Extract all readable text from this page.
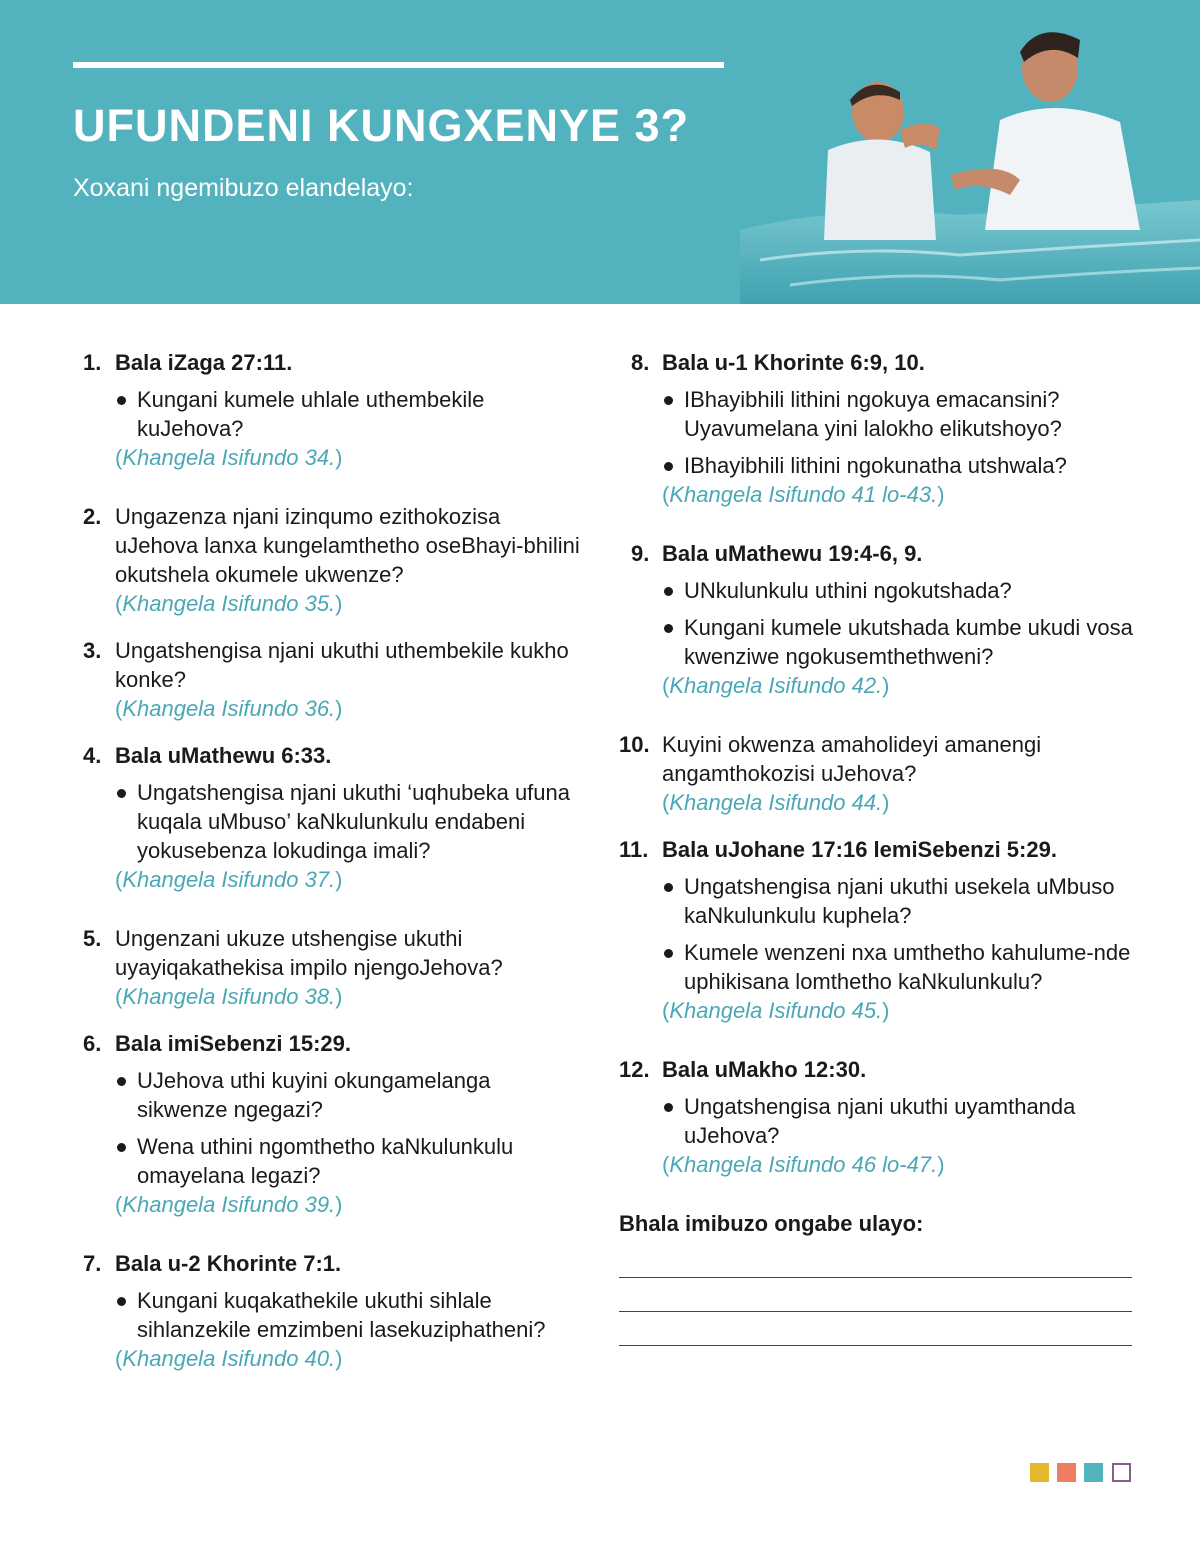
UFUNDENI KUNGXENYE 3?
Xoxani ngemibuzo elandelayo:
1. Bala iZaga 27:11.
Kungani kumele uhlale uthembekile kuJehova?
(Khangela Isifundo 34.)
2. Ungazenza njani izinqumo ezithokozisa uJehova lanxa kungelamthetho oseBhayi-bhilini okutshela okumele ukwenze?
(Khangela Isifundo 35.)
3. Ungatshengisa njani ukuthi uthembekile kukho konke?
(Khangela Isifundo 36.)
4. Bala uMathewu 6:33.
Ungatshengisa njani ukuthi ‘uqhubeka ufuna kuqala uMbuso’ kaNkulunkulu endabeni yokusebenza lokudinga imali?
(Khangela Isifundo 37.)
5. Ungenzani ukuze utshengise ukuthi uyayiqakathekisa impilo njengoJehova?
(Khangela Isifundo 38.)
6. Bala imiSebenzi 15:29.
UJehova uthi kuyini okungamelanga sikwenze ngegazi?
Wena uthini ngomthetho kaNkulunkulu omayelana legazi?
(Khangela Isifundo 39.)
7. Bala u-2 Khorinte 7:1.
Kungani kuqakathekile ukuthi sihlale sihlanzekile emzimbeni lasekuziphatheni?
(Khangela Isifundo 40.)
8. Bala u-1 Khorinte 6:9, 10.
IBhayibhili lithini ngokuya emacansini? Uyavumelana yini lalokho elikutshoyo?
IBhayibhili lithini ngokunatha utshwala?
(Khangela Isifundo 41 lo-43.)
9. Bala uMathewu 19:4-6, 9.
UNkulunkulu uthini ngokutshada?
Kungani kumele ukutshada kumbe ukudi vosa kwenziwe ngokusemthethweni?
(Khangela Isifundo 42.)
10. Kuyini okwenza amaholideyi amanengi angamthokozisi uJehova?
(Khangela Isifundo 44.)
11. Bala uJohane 17:16 lemiSebenzi 5:29.
Ungatshengisa njani ukuthi usekela uMbuso kaNkulunkulu kuphela?
Kumele wenzeni nxa umthetho kahulume-nde uphikisana lomthetho kaNkulunkulu?
(Khangela Isifundo 45.)
12. Bala uMakho 12:30.
Ungatshengisa njani ukuthi uyamthanda uJehova?
(Khangela Isifundo 46 lo-47.)
Bhala imibuzo ongabe ulayo:
